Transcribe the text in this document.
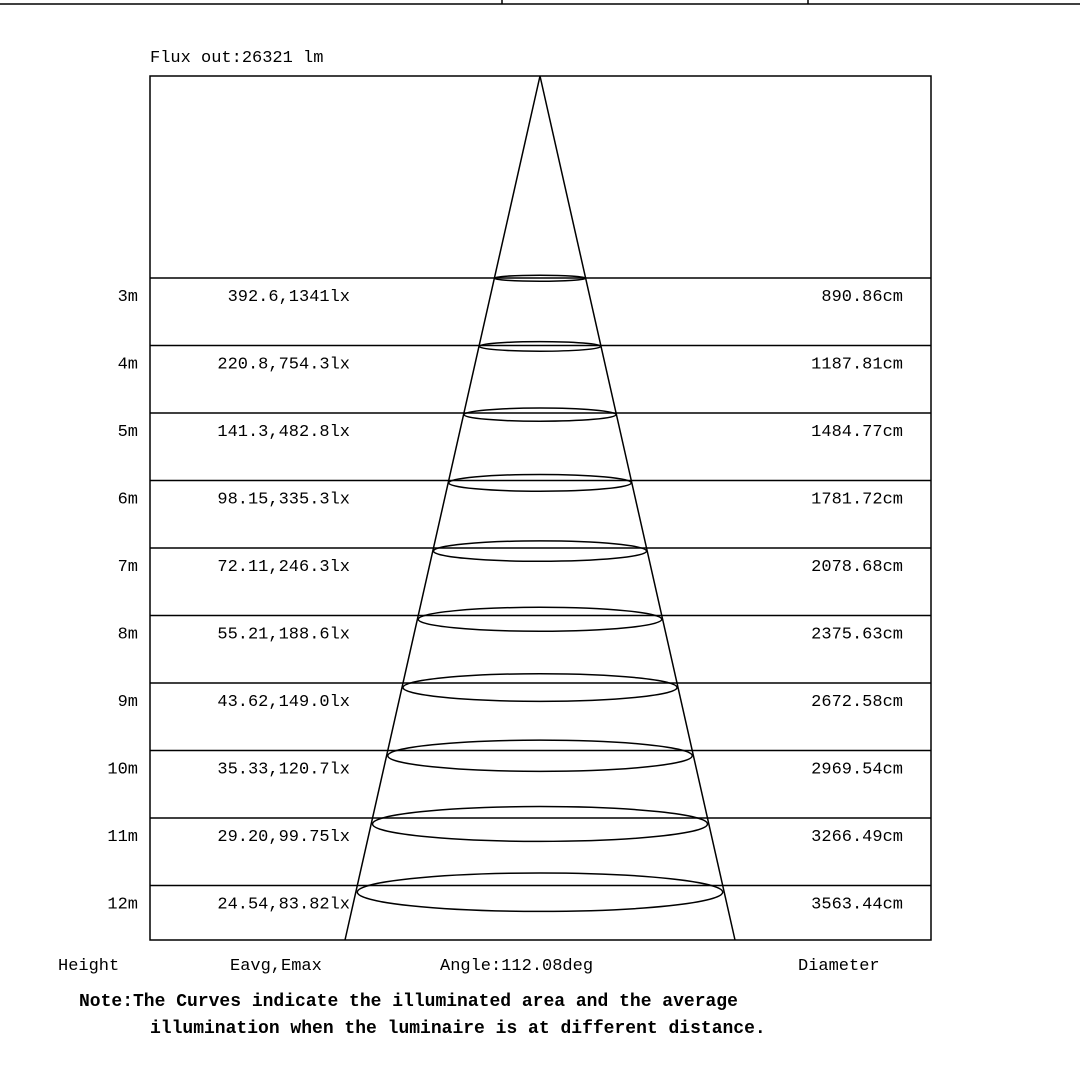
Flux out:26321 lm
3m	392.6,1341lx	890.86cm
4m	220.8,754.3lx	1187.81cm
5m	141.3,482.8lx	1484.77cm
6m	98.15,335.3lx	1781.72cm
7m	72.11,246.3lx	2078.68cm
8m	55.21,188.6lx	2375.63cm
9m	43.62,149.0lx	2672.58cm
10m	35.33,120.7lx	2969.54cm
11m	29.20,99.75lx	3266.49cm
12m	24.54,83.82lx	3563.44cm
Height	Eavg,Emax	Angle:112.08deg	Diameter
Note:The Curves indicate the illuminated area and the average
illumination when the luminaire is at different distance.
